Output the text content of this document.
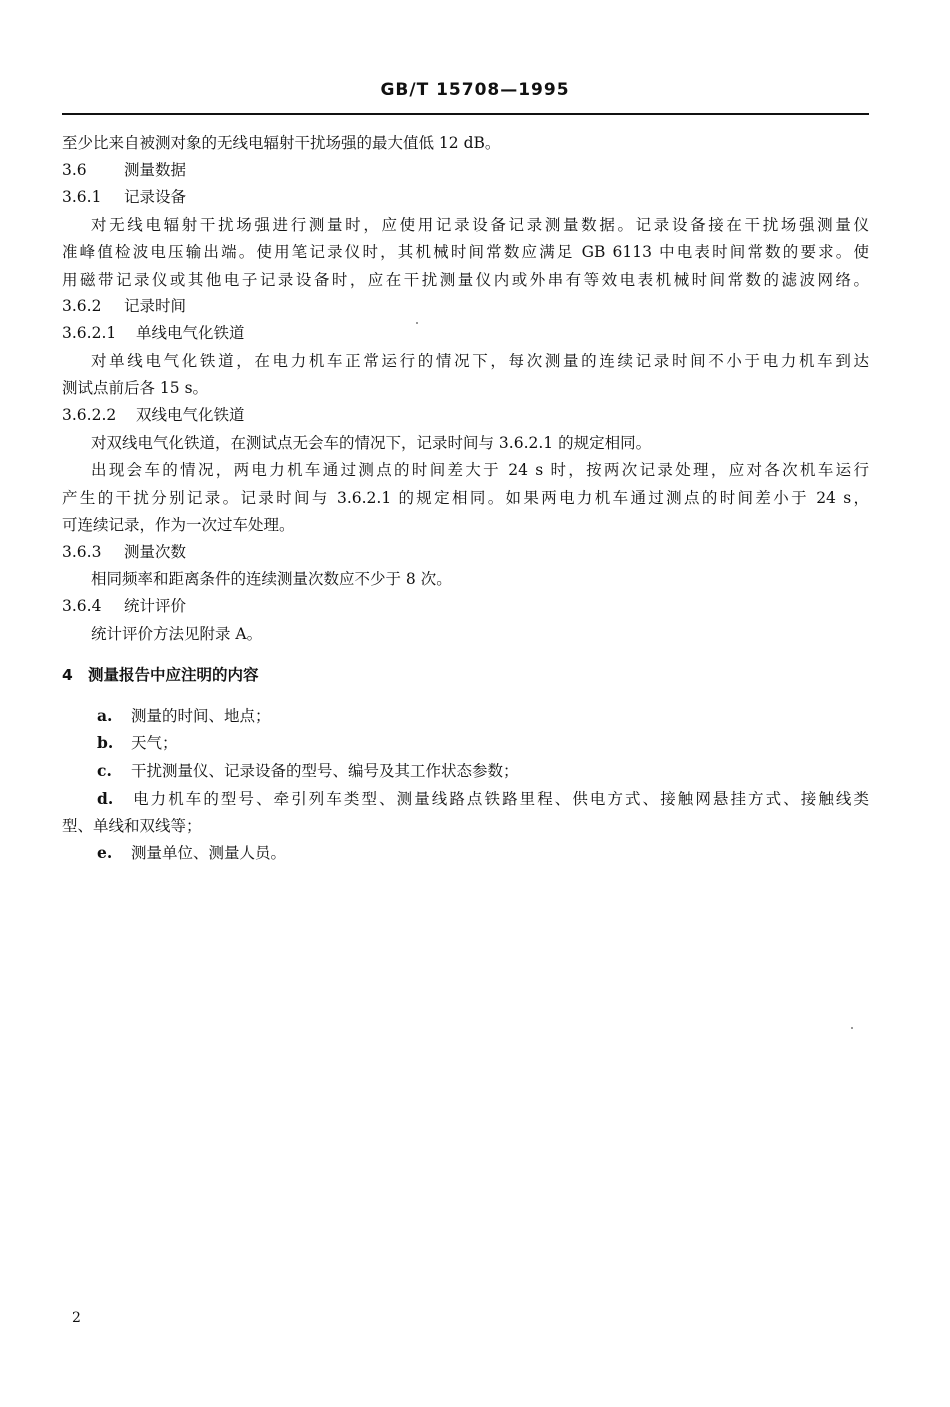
GB/T 15708—1995
至少比来自被测对象的无线电辐射干扰场强的最大值低 12 dB。
3.6 测量数据
3.6.1 记录设备
对无线电辐射干扰场强进行测量时，应使用记录设备记录测量数据。记录设备接在干扰场强测量仪
准峰值检波电压输出端。使用笔记录仪时，其机械时间常数应满足 GB 6113 中电表时间常数的要求。使
用磁带记录仪或其他电子记录设备时，应在干扰测量仪内或外串有等效电表机械时间常数的滤波网络。
3.6.2 记录时间
3.6.2.1 单线电气化铁道
对单线电气化铁道，在电力机车正常运行的情况下，每次测量的连续记录时间不小于电力机车到达
测试点前后各 15 s。
3.6.2.2 双线电气化铁道
对双线电气化铁道，在测试点无会车的情况下，记录时间与 3.6.2.1 的规定相同。
出现会车的情况，两电力机车通过测点的时间差大于 24 s 时，按两次记录处理，应对各次机车运行
产生的干扰分别记录。记录时间与 3.6.2.1 的规定相同。如果两电力机车通过测点的时间差小于 24 s，
可连续记录，作为一次过车处理。
3.6.3 测量次数
相同频率和距离条件的连续测量次数应不少于 8 次。
3.6.4 统计评价
统计评价方法见附录 A。
4 测量报告中应注明的内容
a. 测量的时间、地点；
b. 天气；
c. 干扰测量仪、记录设备的型号、编号及其工作状态参数；
d. 电力机车的型号、牵引列车类型、测量线路点铁路里程、供电方式、接触网悬挂方式、接触线类
型、单线和双线等；
e. 测量单位、测量人员。
2
